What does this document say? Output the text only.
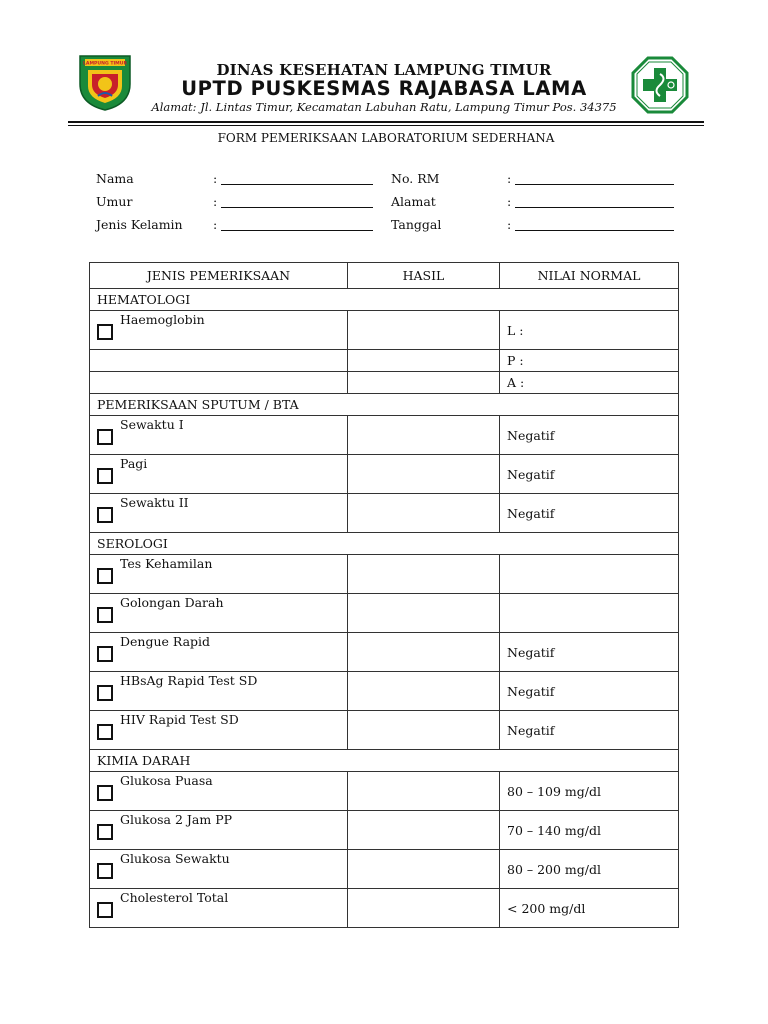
LAMPUNG TIMUR	DINAS KESEHATAN LAMPUNG TIMUR
UPTD PUSKESMAS RAJABASA LAMA
Alamat: Jl. Lintas Timur, Kecamatan Labuhan Ratu, Lampung Timur Pos. 34375
FORM PEMERIKSAAN LABORATORIUM SEDERHANA
Nama	:
Umur	:
Jenis Kelamin :
No. RM	:
Alamat	:
Tanggal	:
JENIS PEMERIKSAAN	HASIL	NILAI NORMAL
HEMATOLOGI		

Haemoglobin		L :
		P :
		A :
PEMERIKSAAN SPUTUM / BTA		

Sewaktu I		Negatif

Pagi		Negatif

Sewaktu II		Negatif
SEROLOGI		

Tes Kehamilan		

Golongan Darah		

Dengue Rapid		Negatif

HBsAg Rapid Test SD		Negatif

HIV Rapid Test SD		Negatif
KIMIA DARAH		

Glukosa Puasa		80 – 109 mg/dl

Glukosa 2 Jam PP		70 – 140 mg/dl

Glukosa Sewaktu		80 – 200 mg/dl

Cholesterol Total		< 200 mg/dl
